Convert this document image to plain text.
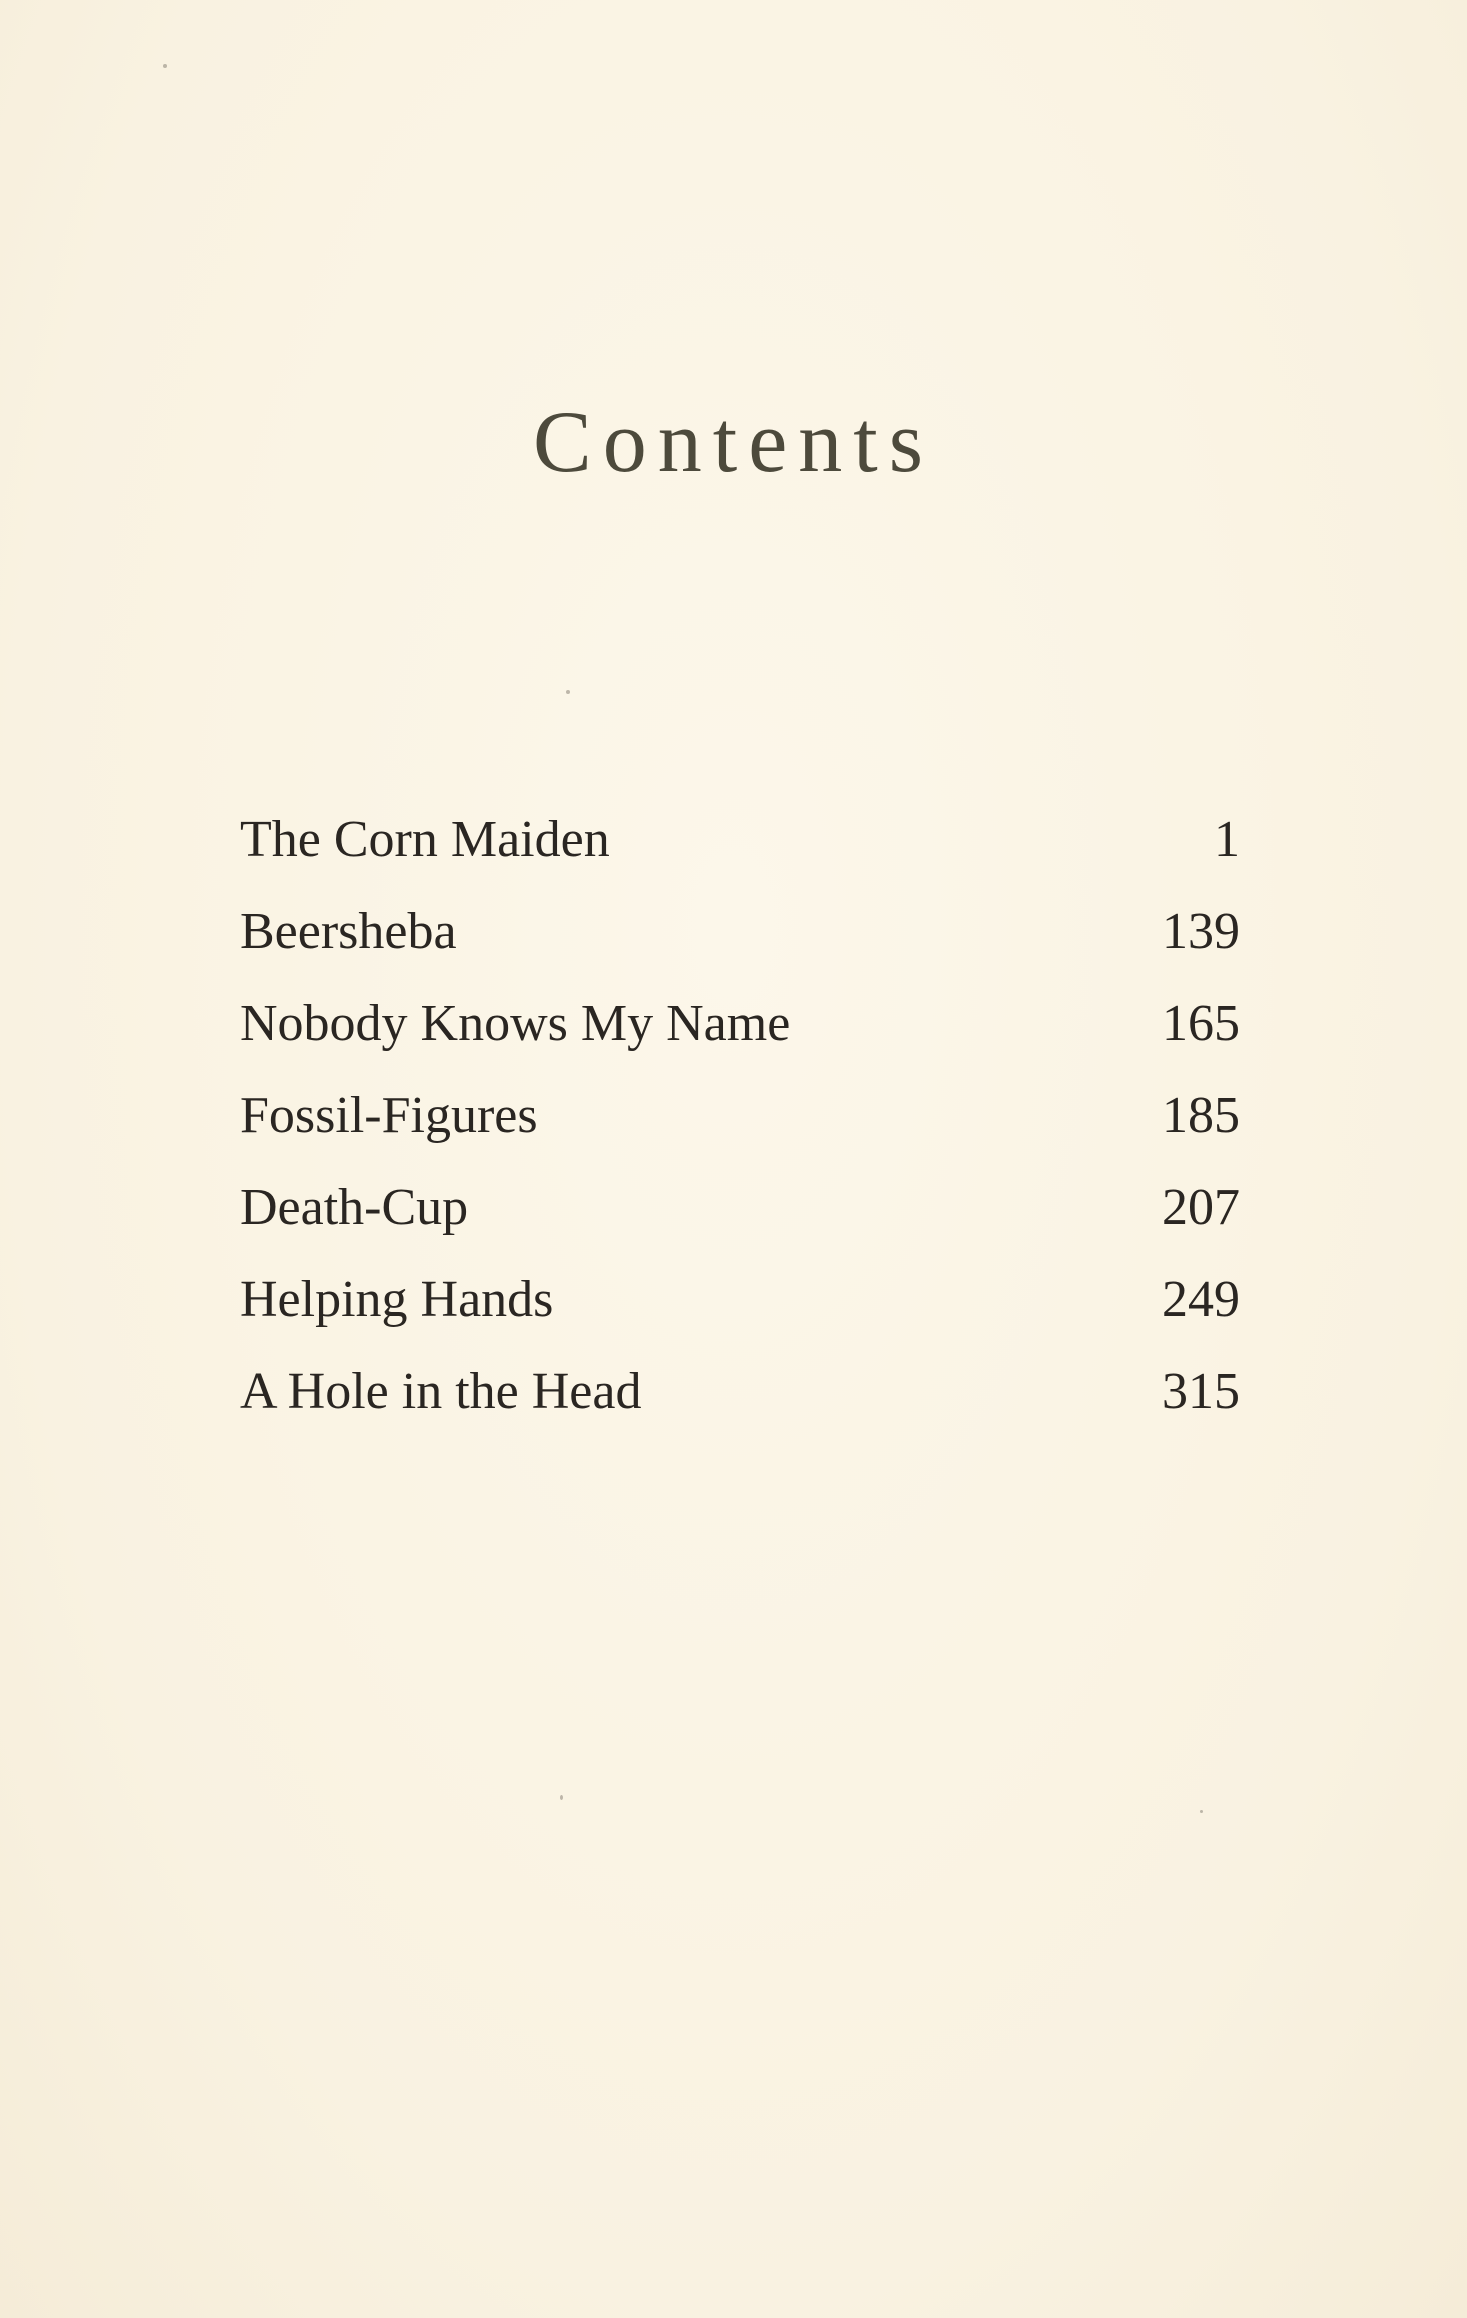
Contents
The Corn Maiden	1
Beersheba	139
Nobody Knows My Name	165
Fossil-Figures	185
Death-Cup	207
Helping Hands	249
A Hole in the Head	315
